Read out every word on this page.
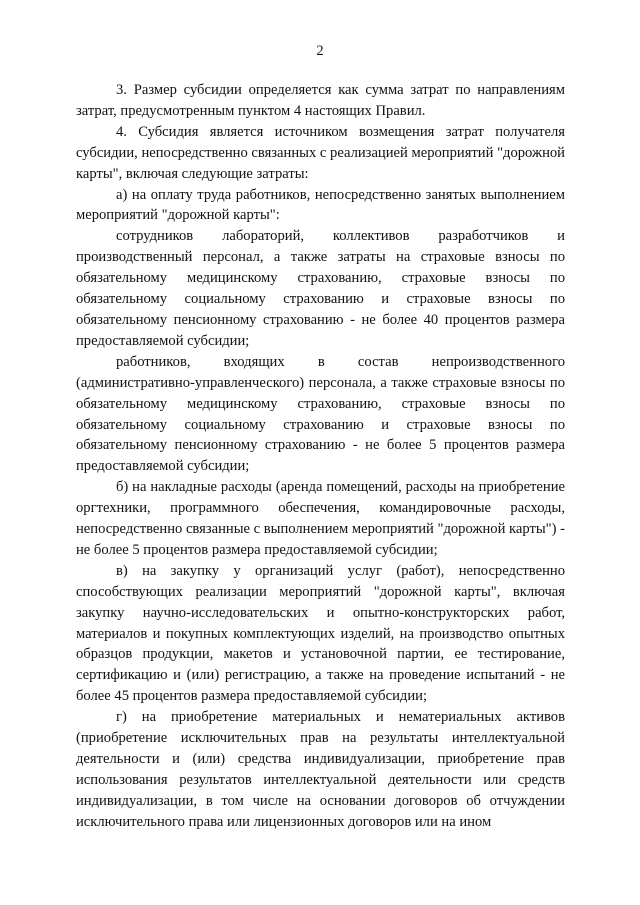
2

3. Размер субсидии определяется как сумма затрат по направлениям затрат, предусмотренным пунктом 4 настоящих Правил.

4. Субсидия является источником возмещения затрат получателя субсидии, непосредственно связанных с реализацией мероприятий "дорожной карты", включая следующие затраты:

а) на оплату труда работников, непосредственно занятых выполнением мероприятий "дорожной карты":

сотрудников лабораторий, коллективов разработчиков и производственный персонал, а также затраты на страховые взносы по обязательному медицинскому страхованию, страховые взносы по обязательному социальному страхованию и страховые взносы по обязательному пенсионному страхованию - не более 40 процентов размера предоставляемой субсидии;

работников, входящих в состав непроизводственного (административно-управленческого) персонала, а также страховые взносы по обязательному медицинскому страхованию, страховые взносы по обязательному социальному страхованию и страховые взносы по обязательному пенсионному страхованию - не более 5 процентов размера предоставляемой субсидии;

б) на накладные расходы (аренда помещений, расходы на приобретение оргтехники, программного обеспечения, командировочные расходы, непосредственно связанные с выполнением мероприятий "дорожной карты") - не более 5 процентов размера предоставляемой субсидии;

в) на закупку у организаций услуг (работ), непосредственно способствующих реализации мероприятий "дорожной карты", включая закупку научно-исследовательских и опытно-конструкторских работ, материалов и покупных комплектующих изделий, на производство опытных образцов продукции, макетов и установочной партии, ее тестирование, сертификацию и (или) регистрацию, а также на проведение испытаний - не более 45 процентов размера предоставляемой субсидии;

г) на приобретение материальных и нематериальных активов (приобретение исключительных прав на результаты интеллектуальной деятельности и (или) средства индивидуализации, приобретение прав использования результатов интеллектуальной деятельности или средств индивидуализации, в том числе на основании договоров об отчуждении исключительного права или лицензионных договоров или на ином
